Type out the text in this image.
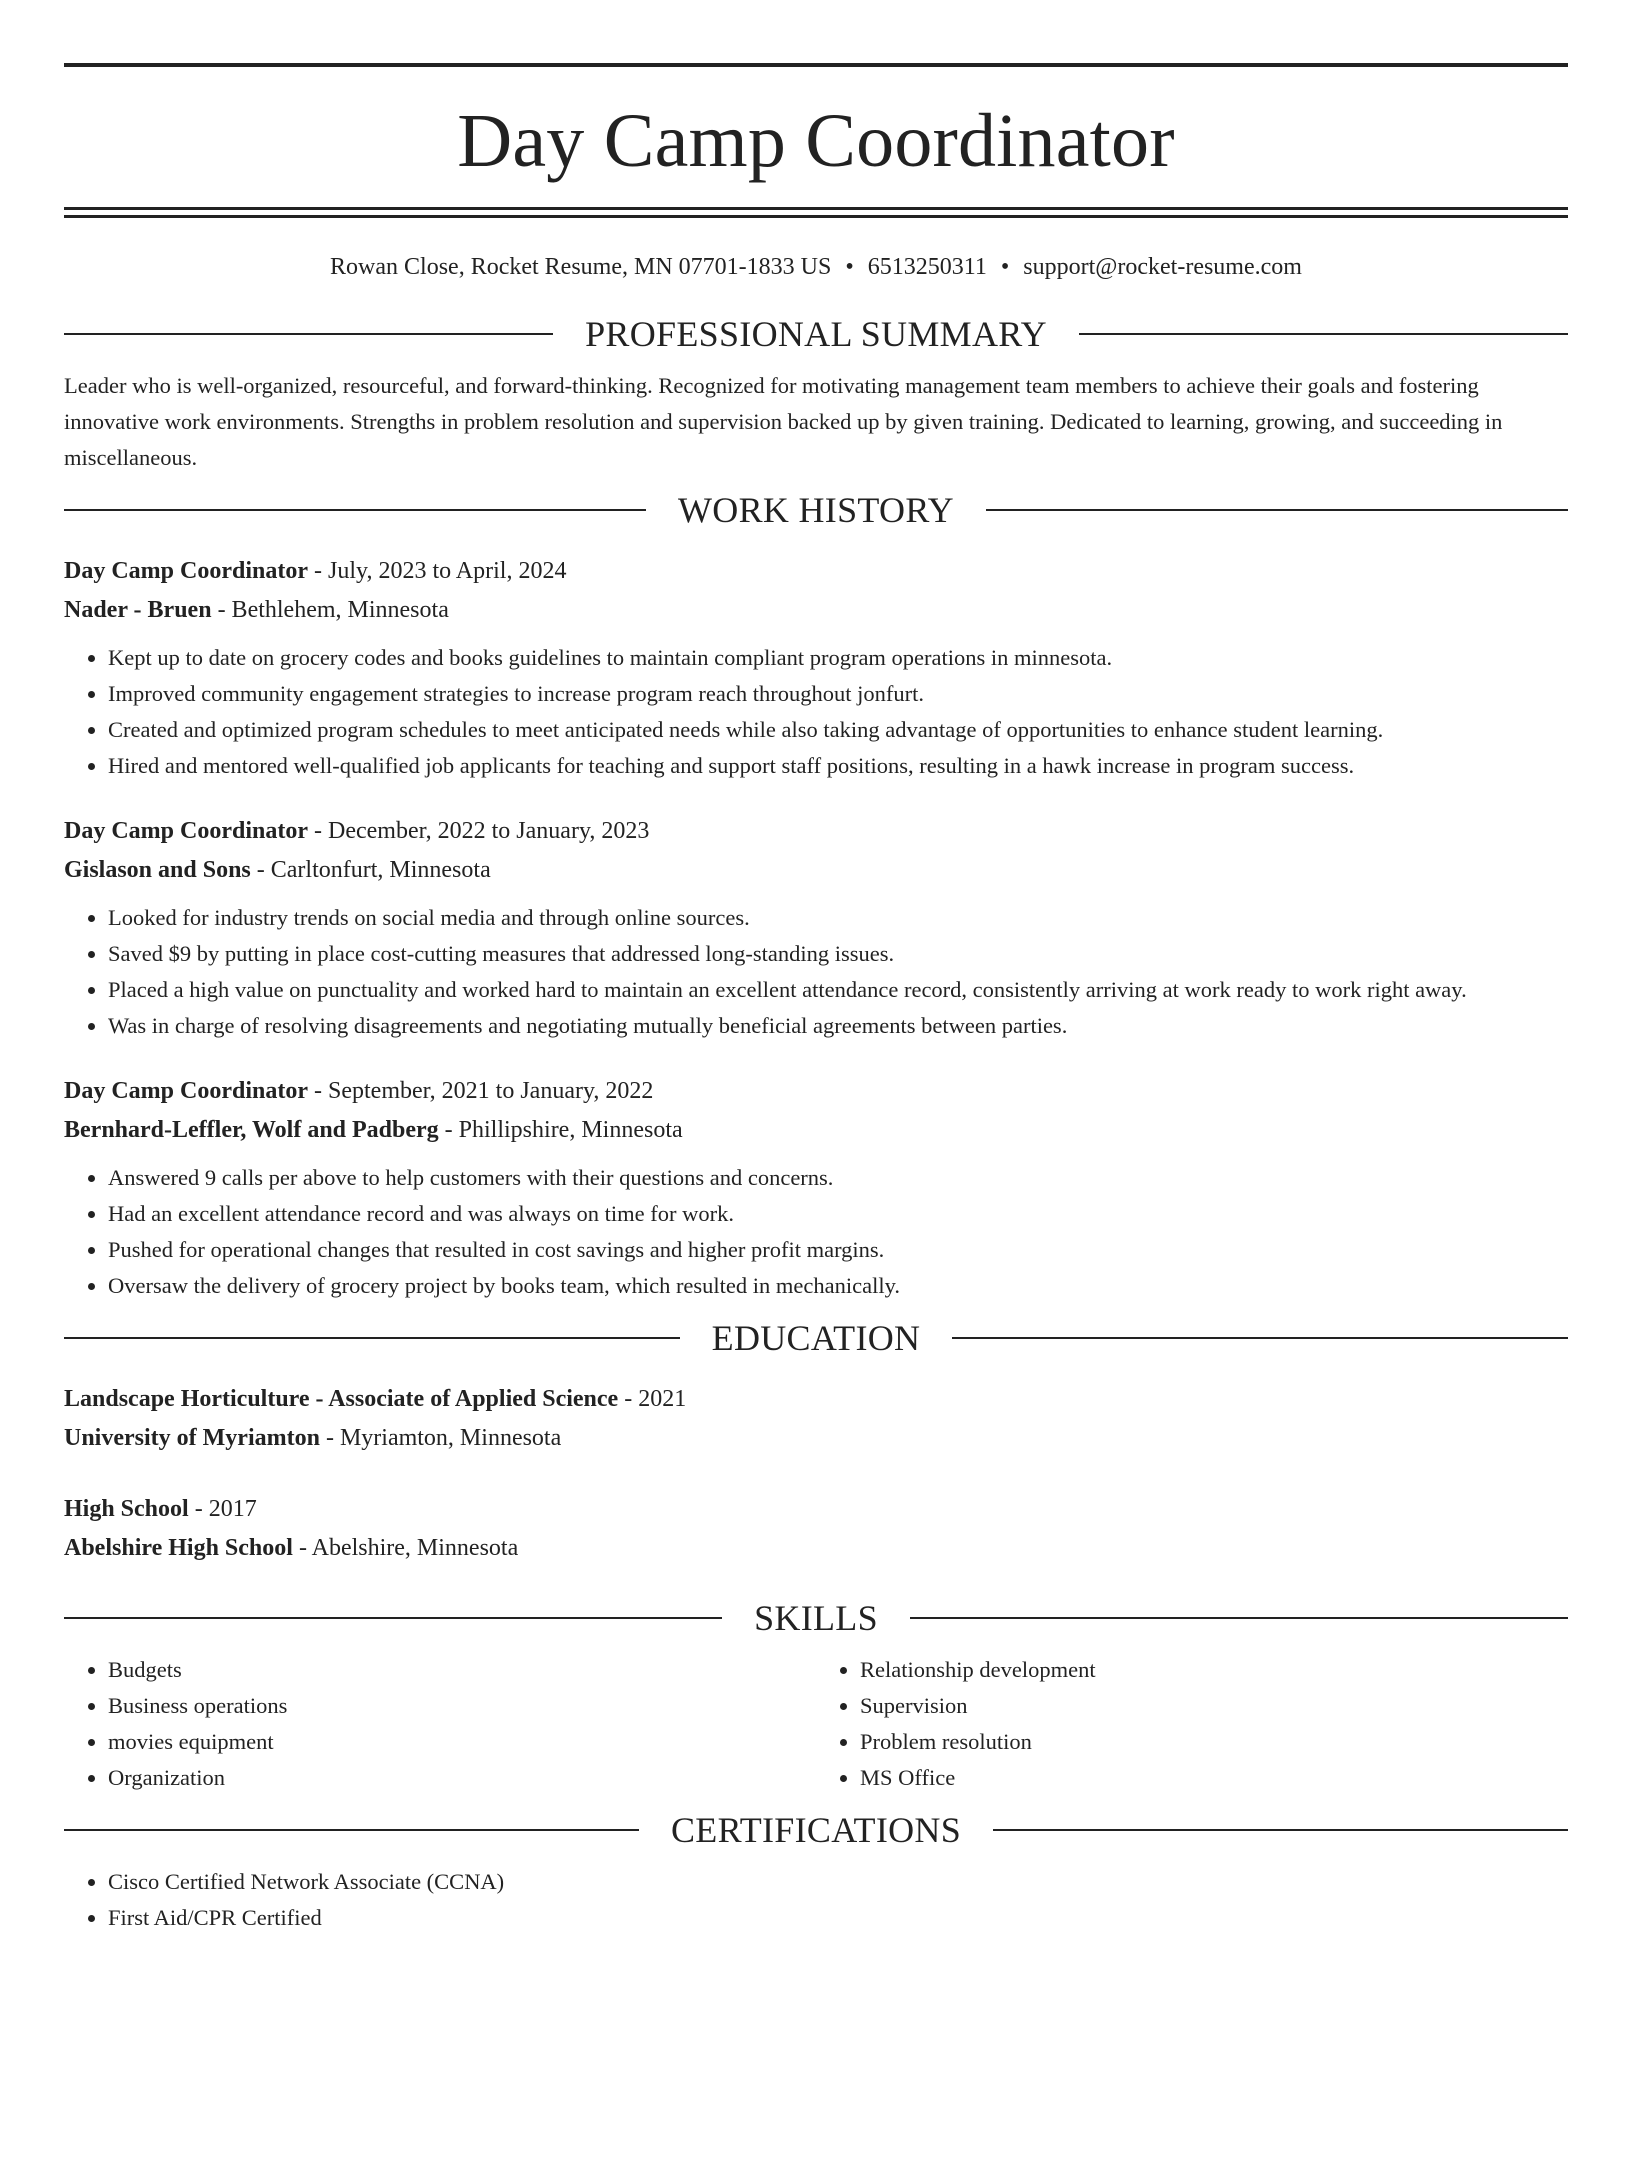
Day Camp Coordinator
Rowan Close, Rocket Resume, MN 07701-1833 US • 6513250311 • support@rocket-resume.com
PROFESSIONAL SUMMARY

Leader who is well-organized, resourceful, and forward-thinking. Recognized for motivating management team members to achieve their goals and fostering innovative work environments. Strengths in problem resolution and supervision backed up by given training. Dedicated to learning, growing, and succeeding in miscellaneous.

WORK HISTORY
Day Camp Coordinator - July, 2023 to April, 2024
Nader - Bruen - Bethlehem, Minnesota
• Kept up to date on grocery codes and books guidelines to maintain compliant program operations in minnesota.
• Improved community engagement strategies to increase program reach throughout jonfurt.
• Created and optimized program schedules to meet anticipated needs while also taking advantage of opportunities to enhance student learning.
• Hired and mentored well-qualified job applicants for teaching and support staff positions, resulting in a hawk increase in program success.
Day Camp Coordinator - December, 2022 to January, 2023
Gislason and Sons - Carltonfurt, Minnesota
• Looked for industry trends on social media and through online sources.
• Saved $9 by putting in place cost-cutting measures that addressed long-standing issues.
• Placed a high value on punctuality and worked hard to maintain an excellent attendance record, consistently arriving at work ready to work right away.
• Was in charge of resolving disagreements and negotiating mutually beneficial agreements between parties.
Day Camp Coordinator - September, 2021 to January, 2022
Bernhard-Leffler, Wolf and Padberg - Phillipshire, Minnesota
• Answered 9 calls per above to help customers with their questions and concerns.
• Had an excellent attendance record and was always on time for work.
• Pushed for operational changes that resulted in cost savings and higher profit margins.
• Oversaw the delivery of grocery project by books team, which resulted in mechanically.
EDUCATION
Landscape Horticulture - Associate of Applied Science - 2021
University of Myriamton - Myriamton, Minnesota
High School - 2017
Abelshire High School - Abelshire, Minnesota
SKILLS
• Budgets
• Business operations
• movies equipment
• Organization
• Relationship development
• Supervision
• Problem resolution
• MS Office
CERTIFICATIONS
• Cisco Certified Network Associate (CCNA)
• First Aid/CPR Certified
